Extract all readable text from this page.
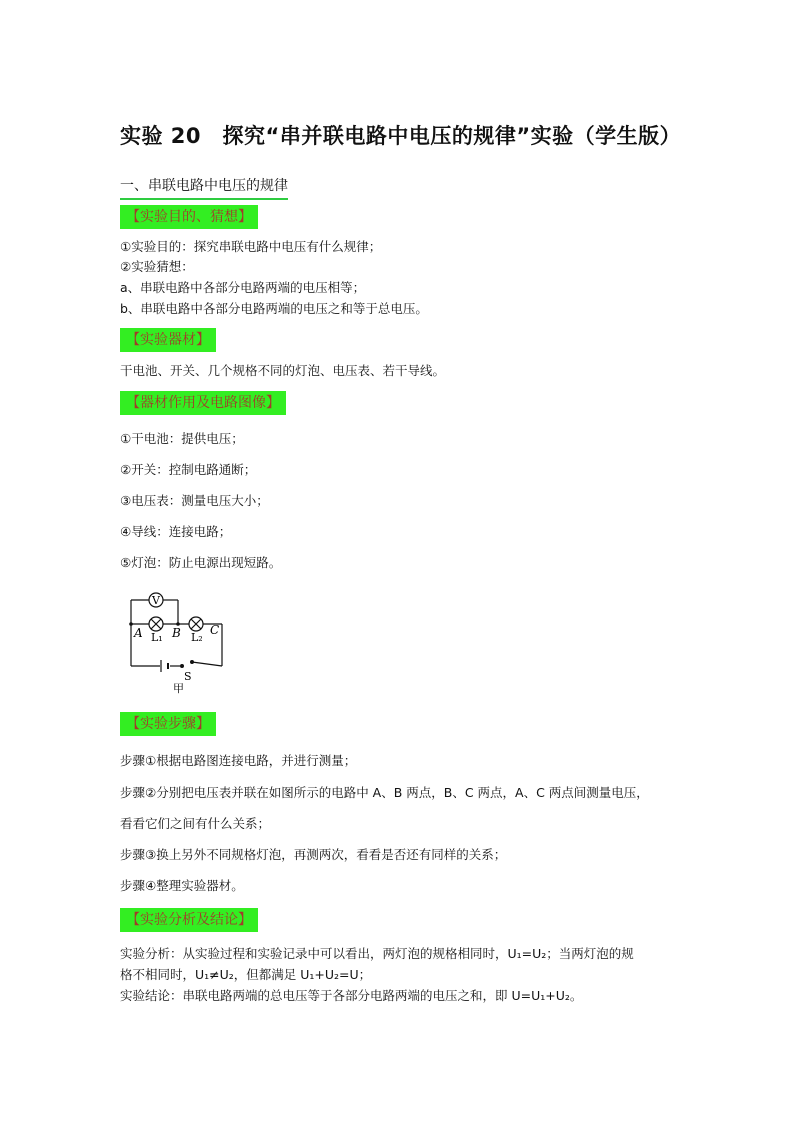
实验 20　探究“串并联电路中电压的规律”实验（学生版）
一、串联电路中电压的规律
【实验目的、猜想】
①实验目的：探究串联电路中电压有什么规律；
②实验猜想：
a、串联电路中各部分电路两端的电压相等；
b、串联电路中各部分电路两端的电压之和等于总电压。
【实验器材】
干电池、开关、几个规格不同的灯泡、电压表、若干导线。
【器材作用及电路图像】
①干电池：提供电压；
②开关：控制电路通断；
③电压表：测量电压大小；
④导线：连接电路；
⑤灯泡：防止电源出现短路。
V
A B C
L₁	L₂
S
甲
【实验步骤】
步骤①根据电路图连接电路，并进行测量；
步骤②分别把电压表并联在如图所示的电路中 A、B 两点，B、C 两点，A、C 两点间测量电压，
看看它们之间有什么关系；
步骤③换上另外不同规格灯泡，再测两次，看看是否还有同样的关系；
步骤④整理实验器材。
【实验分析及结论】
实验分析：从实验过程和实验记录中可以看出，两灯泡的规格相同时，U₁=U₂；当两灯泡的规
格不相同时，U₁≠U₂，但都满足 U₁+U₂=U；
实验结论：串联电路两端的总电压等于各部分电路两端的电压之和，即 U=U₁+U₂。
